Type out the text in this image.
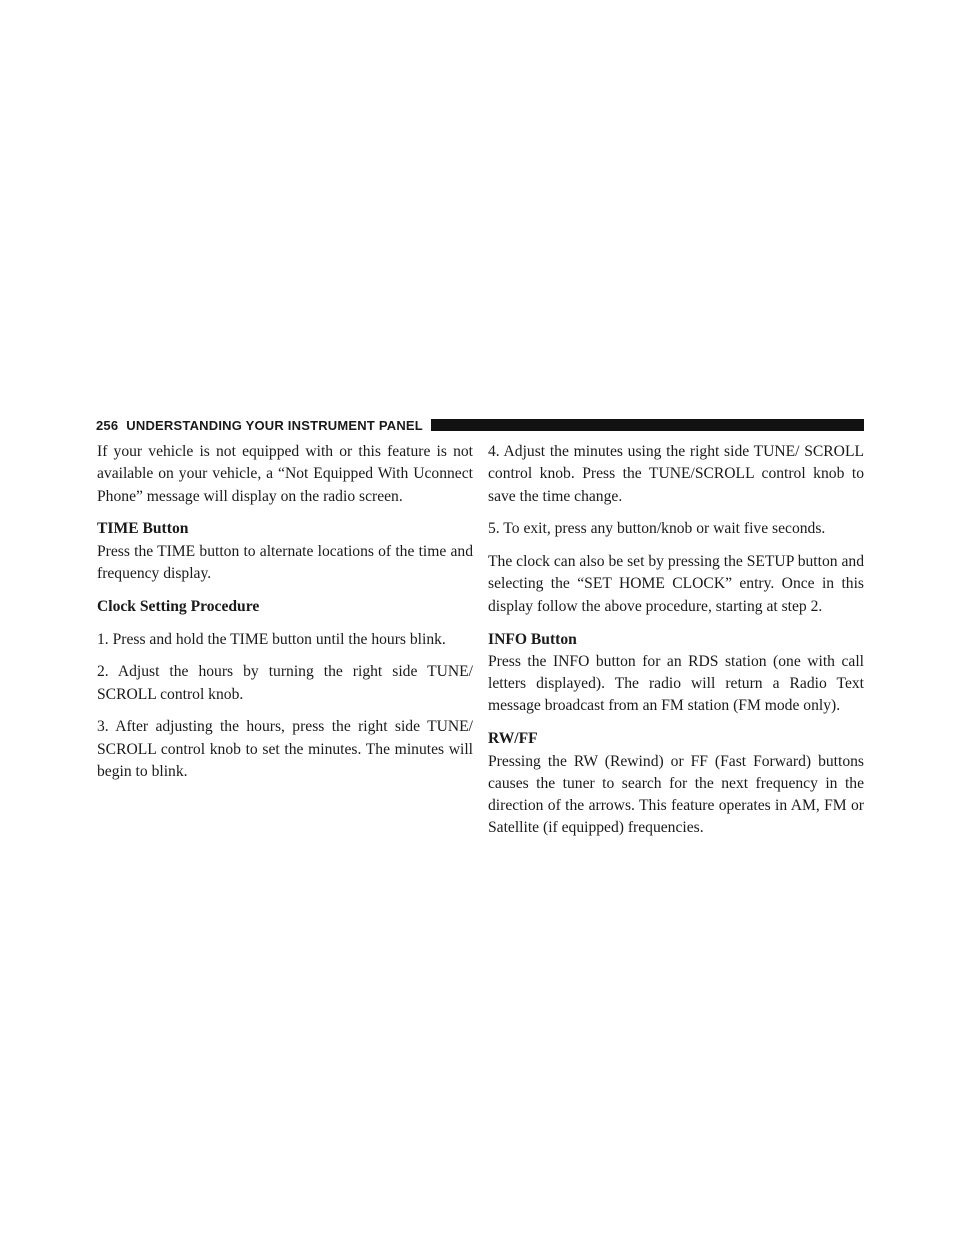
256 UNDERSTANDING YOUR INSTRUMENT PANEL

If your vehicle is not equipped with or this feature is not available on your vehicle, a “Not Equipped With Uconnect Phone” message will display on the radio screen.

TIME Button

Press the TIME button to alternate locations of the time and frequency display.

Clock Setting Procedure

1. Press and hold the TIME button until the hours blink.

2. Adjust the hours by turning the right side TUNE/ SCROLL control knob.

3. After adjusting the hours, press the right side TUNE/ SCROLL control knob to set the minutes. The minutes will begin to blink.

4. Adjust the minutes using the right side TUNE/ SCROLL control knob. Press the TUNE/SCROLL control knob to save the time change.

5. To exit, press any button/knob or wait five seconds.

The clock can also be set by pressing the SETUP button and selecting the “SET HOME CLOCK” entry. Once in this display follow the above procedure, starting at step 2.

INFO Button

Press the INFO button for an RDS station (one with call letters displayed). The radio will return a Radio Text message broadcast from an FM station (FM mode only).

RW/FF

Pressing the RW (Rewind) or FF (Fast Forward) buttons causes the tuner to search for the next frequency in the direction of the arrows. This feature operates in AM, FM or Satellite (if equipped) frequencies.
